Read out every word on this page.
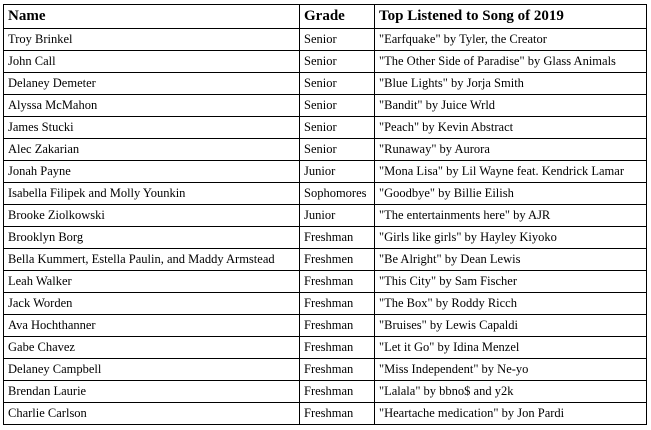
Name	Grade	Top Listened to Song of 2019
Troy Brinkel	Senior	"Earfquake" by Tyler, the Creator
John Call	Senior	"The Other Side of Paradise" by Glass Animals
Delaney Demeter	Senior	"Blue Lights" by Jorja Smith
Alyssa McMahon	Senior	"Bandit" by Juice Wrld
James Stucki	Senior	"Peach" by Kevin Abstract
Alec Zakarian	Senior	"Runaway" by Aurora
Jonah Payne	Junior	"Mona Lisa" by Lil Wayne feat. Kendrick Lamar
Isabella Filipek and Molly Younkin	Sophomores	"Goodbye" by Billie Eilish
Brooke Ziolkowski	Junior	"The entertainments here" by AJR
Brooklyn Borg	Freshman	"Girls like girls" by Hayley Kiyoko
Bella Kummert, Estella Paulin, and Maddy Armstead	Freshmen	"Be Alright" by Dean Lewis
Leah Walker	Freshman	"This City" by Sam Fischer
Jack Worden	Freshman	"The Box" by Roddy Ricch
Ava Hochthanner	Freshman	"Bruises" by Lewis Capaldi
Gabe Chavez	Freshman	"Let it Go" by Idina Menzel
Delaney Campbell	Freshman	"Miss Independent" by Ne-yo
Brendan Laurie	Freshman	"Lalala" by bbno$ and y2k
Charlie Carlson	Freshman	"Heartache medication" by Jon Pardi
